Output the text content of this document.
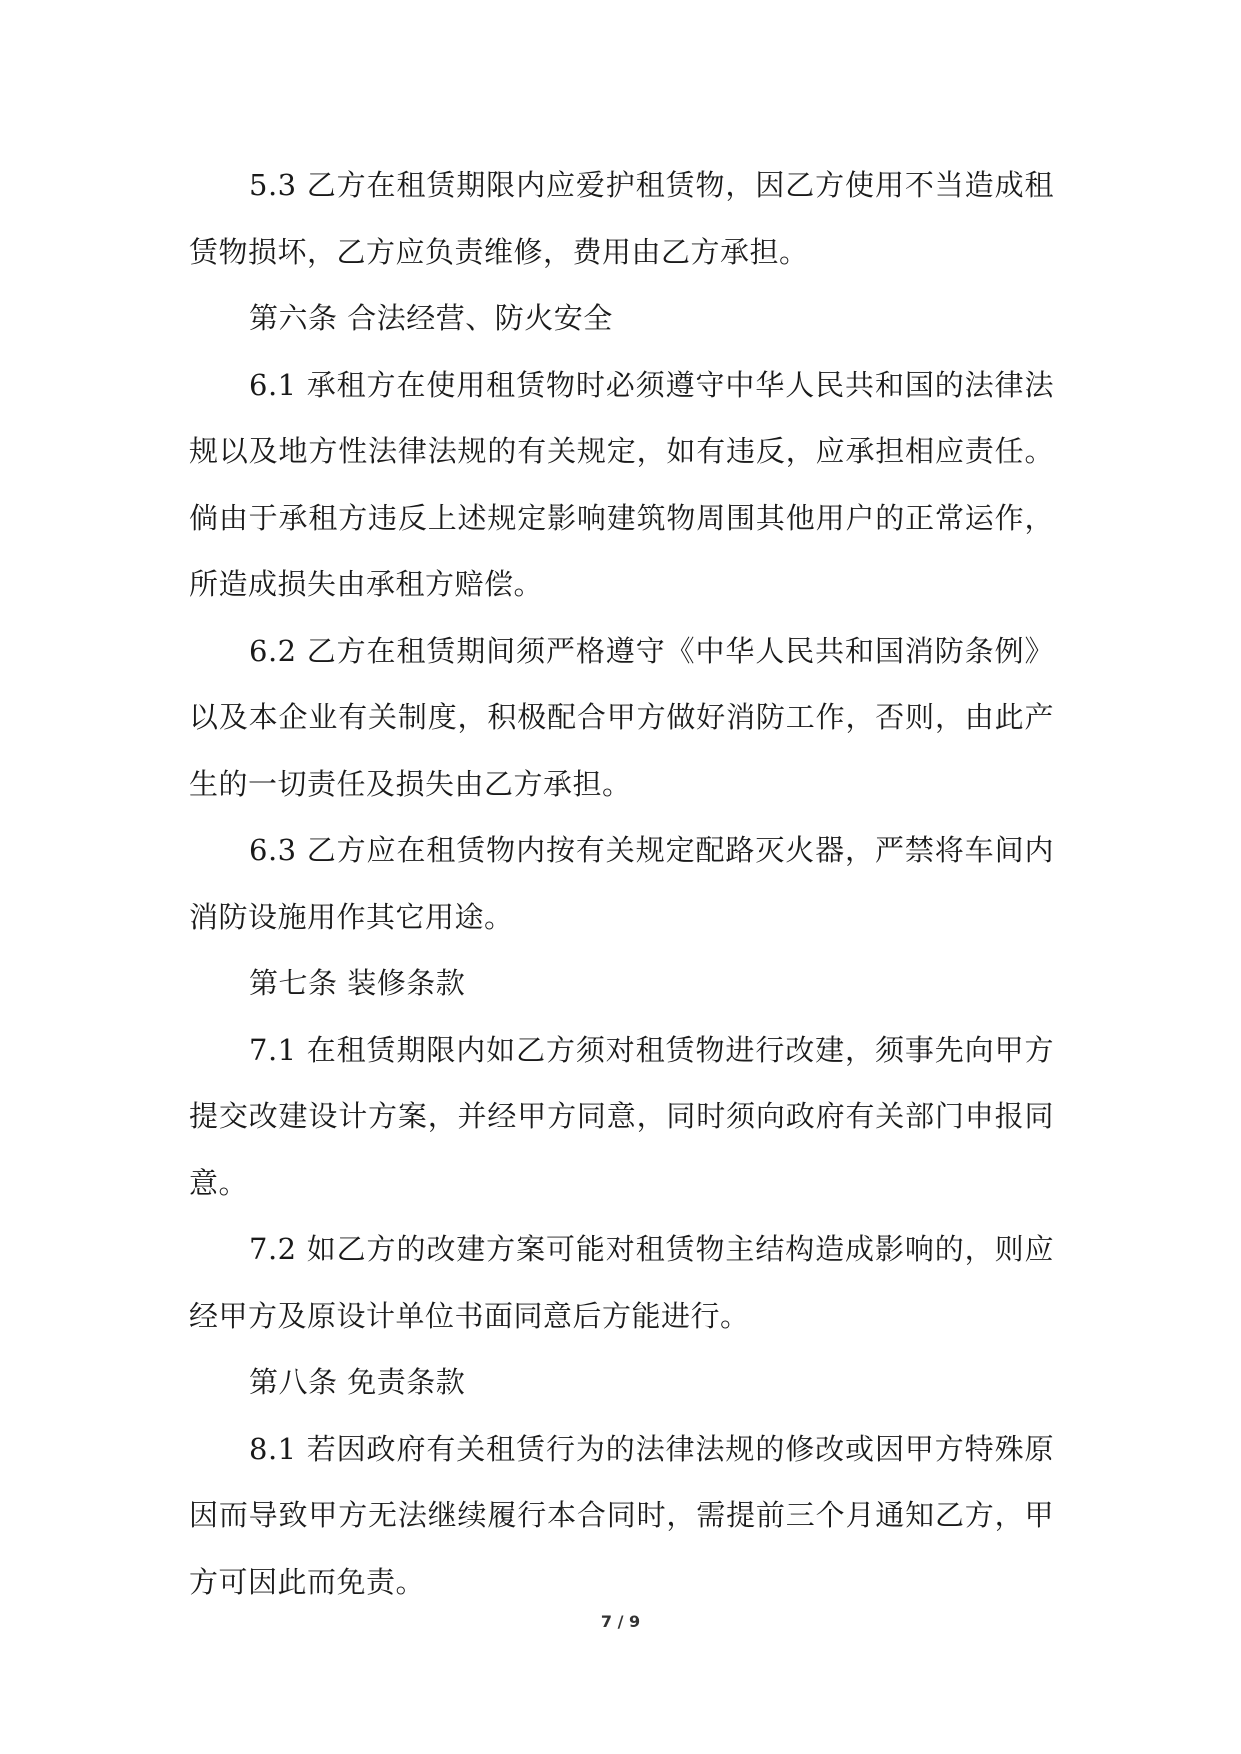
5.3 乙方在租赁期限内应爱护租赁物，因乙方使用不当造成租赁物损坏，乙方应负责维修，费用由乙方承担。

第六条 合法经营、防火安全

6.1 承租方在使用租赁物时必须遵守中华人民共和国的法律法规以及地方性法律法规的有关规定，如有违反，应承担相应责任。倘由于承租方违反上述规定影响建筑物周围其他用户的正常运作，所造成损失由承租方赔偿。

6.2 乙方在租赁期间须严格遵守《中华人民共和国消防条例》以及本企业有关制度，积极配合甲方做好消防工作，否则，由此产生的一切责任及损失由乙方承担。

6.3 乙方应在租赁物内按有关规定配路灭火器，严禁将车间内消防设施用作其它用途。

第七条 装修条款

7.1 在租赁期限内如乙方须对租赁物进行改建，须事先向甲方提交改建设计方案，并经甲方同意，同时须向政府有关部门申报同意。

7.2 如乙方的改建方案可能对租赁物主结构造成影响的，则应经甲方及原设计单位书面同意后方能进行。

第八条 免责条款

8.1 若因政府有关租赁行为的法律法规的修改或因甲方特殊原因而导致甲方无法继续履行本合同时，需提前三个月通知乙方，甲方可因此而免责。

7 / 9
